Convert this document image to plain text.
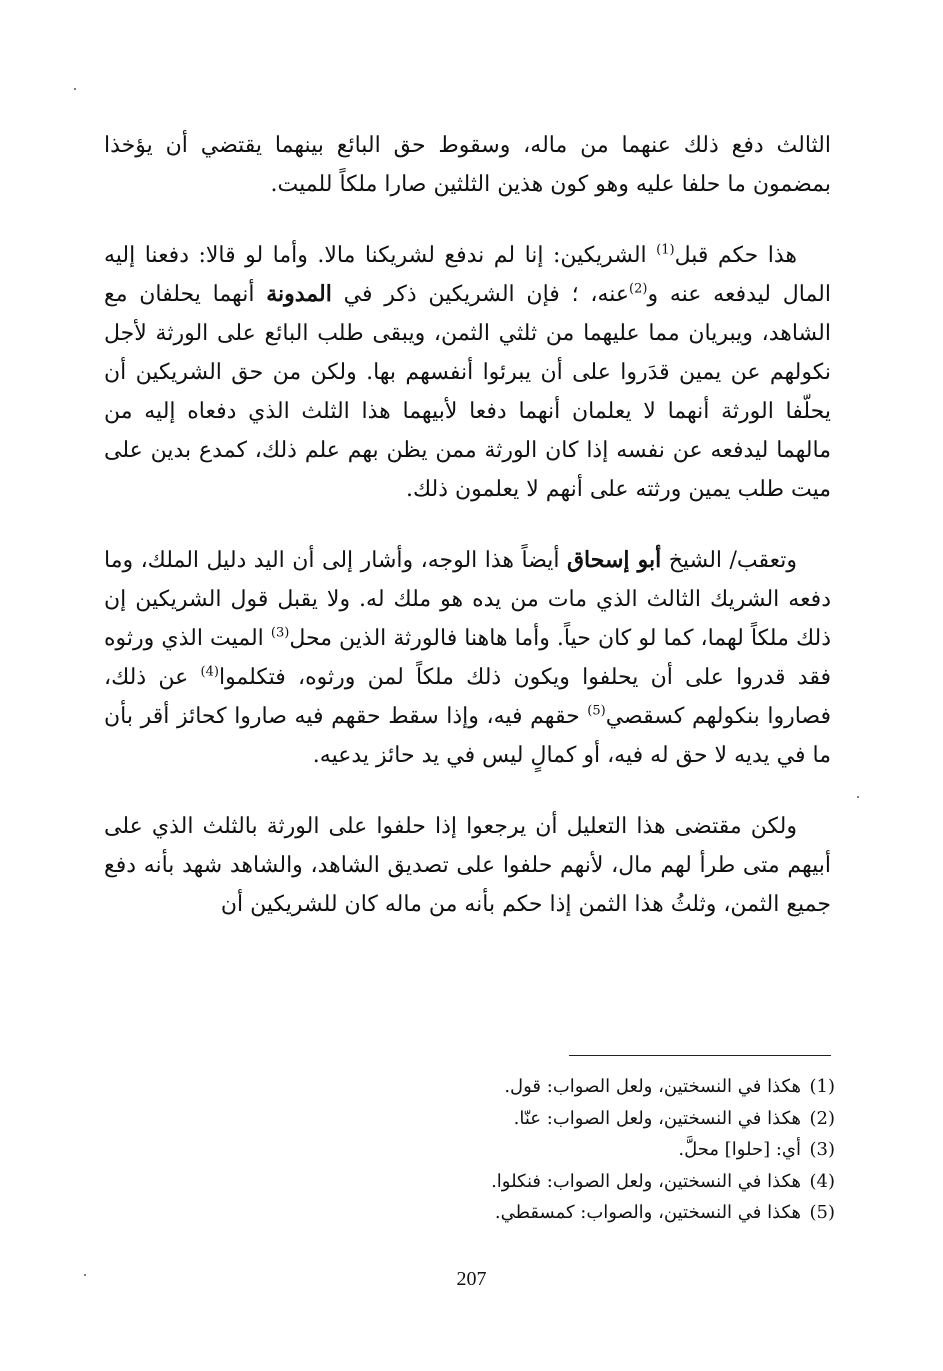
الثالث دفع ذلك عنهما من ماله، وسقوط حق البائع بينهما يقتضي أن يؤخذا بمضمون ما حلفا عليه وهو كون هذين الثلثين صارا ملكاً للميت.

هذا حكم قبل$^{(1)}$ الشريكين: إنا لم ندفع لشريكنا مالا. وأما لو قالا: دفعنا إليه المال ليدفعه عنه و$^{(2)}$عنه، ؛ فإن الشريكين ذكر في المدونة أنهما يحلفان مع الشاهد، ويبريان مما عليهما من ثلثي الثمن، ويبقى طلب البائع على الورثة لأجل نكولهم عن يمين قدَروا على أن يبرئوا أنفسهم بها. ولكن من حق الشريكين أن يحلّفا الورثة أنهما لا يعلمان أنهما دفعا لأبيهما هذا الثلث الذي دفعاه إليه من مالهما ليدفعه عن نفسه إذا كان الورثة ممن يظن بهم علم ذلك، كمدع بدين على ميت طلب يمين ورثته على أنهم لا يعلمون ذلك.

وتعقب/ الشيخ أبو إسحاق أيضاً هذا الوجه، وأشار إلى أن اليد دليل الملك، وما دفعه الشريك الثالث الذي مات من يده هو ملك له. ولا يقبل قول الشريكين إن ذلك ملكاً لهما، كما لو كان حياً. وأما هاهنا فالورثة الذين محل$^{(3)}$ الميت الذي ورثوه فقد قدروا على أن يحلفوا ويكون ذلك ملكاً لمن ورثوه، فتكلموا$^{(4)}$ عن ذلك، فصاروا بنكولهم كسقصي$^{(5)}$ حقهم فيه، وإذا سقط حقهم فيه صاروا كحائز أقر بأن ما في يديه لا حق له فيه، أو كمالٍ ليس في يد حائز يدعيه.

ولكن مقتضى هذا التعليل أن يرجعوا إذا حلفوا على الورثة بالثلث الذي على أبيهم متى طرأ لهم مال، لأنهم حلفوا على تصديق الشاهد، والشاهد شهد بأنه دفع جميع الثمن، وثلثُ هذا الثمن إذا حكم بأنه من ماله كان للشريكين أن

(1)
هكذا في النسختين، ولعل الصواب: قول.
(2)
هكذا في النسختين، ولعل الصواب: عنّا.
(3)
أي: [حلوا] محلَّ.
(4)
هكذا في النسختين، ولعل الصواب: فنكلوا.
(5)
هكذا في النسختين، والصواب: كمسقطي.
207
